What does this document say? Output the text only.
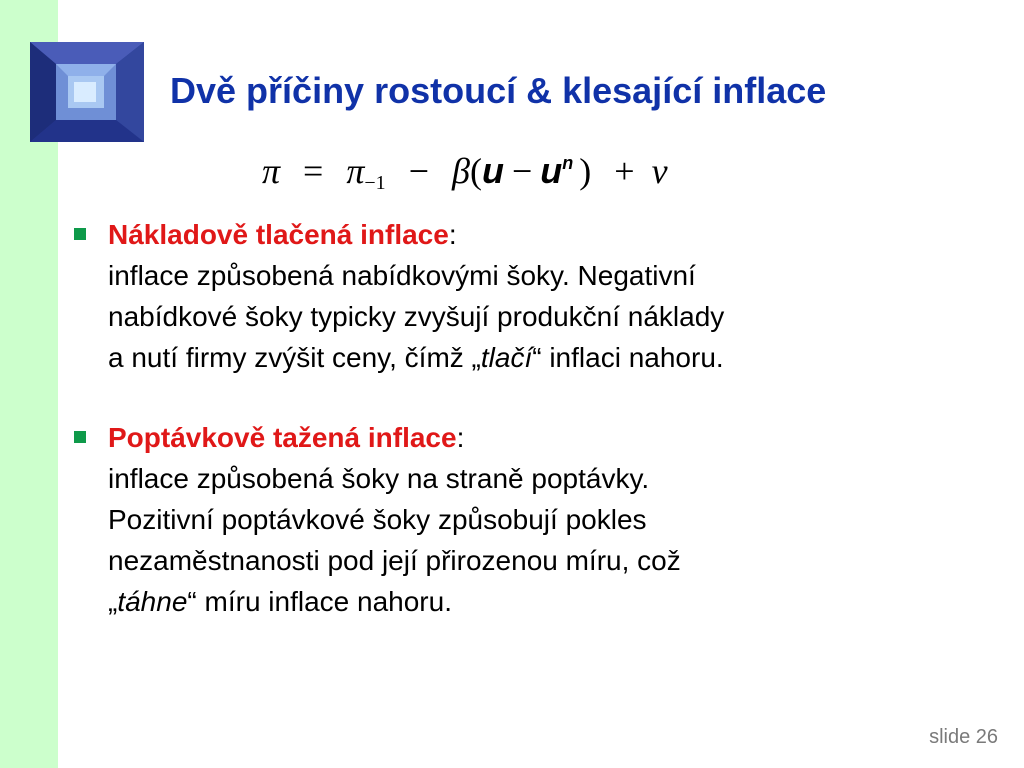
Dvě příčiny rostoucí & klesající inflace
$\pi = \pi_{-1} - \beta(u - u^n$ ) + ν
Nákladově tlačená inflace:
inflace způsobená nabídkovými šoky. Negativní
nabídkové šoky typicky zvyšují produkční náklady
a nutí firmy zvýšit ceny, čímž „tlačí“ inflaci nahoru.
Poptávkově tažená inflace:
inflace způsobená šoky na straně poptávky.
Pozitivní poptávkové šoky způsobují pokles
nezaměstnanosti pod její přirozenou míru, což
„táhne“ míru inflace nahoru.
slide 26
